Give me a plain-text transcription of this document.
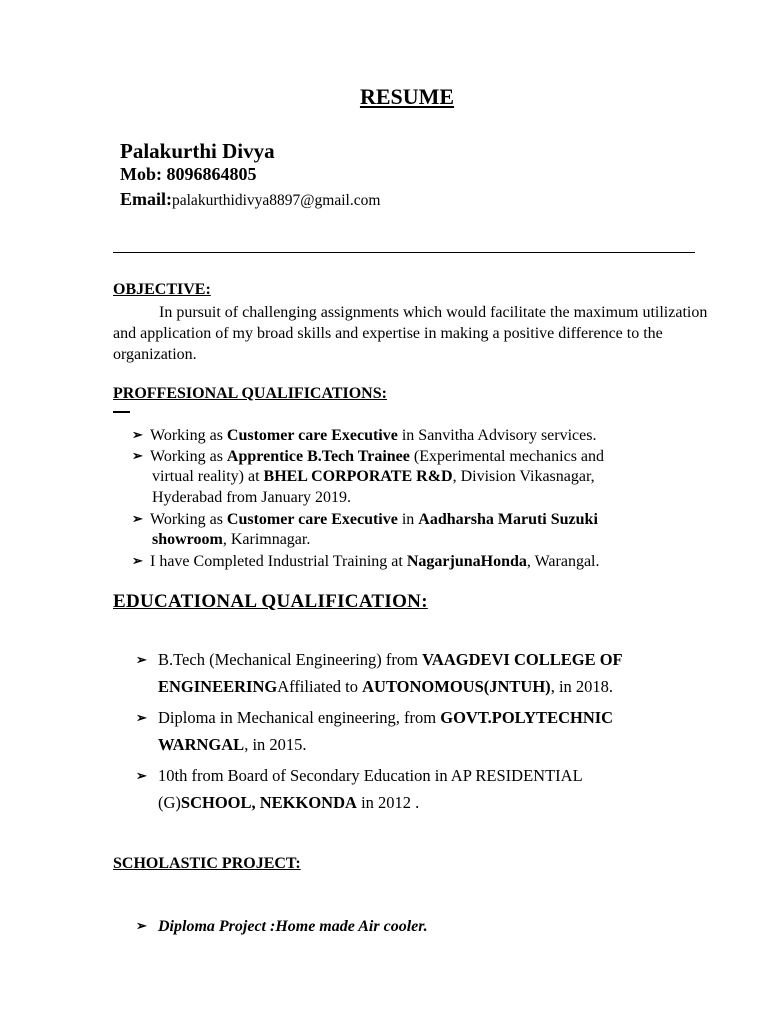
RESUME
Palakurthi Divya
Mob: 8096864805
Email:palakurthidivya8897@gmail.com
OBJECTIVE:
In pursuit of challenging assignments which would facilitate the maximum utilization and application of my broad skills and expertise in making a positive difference to the organization.
PROFFESIONAL QUALIFICATIONS:
➢ Working as Customer care Executive in Sanvitha Advisory services.
➢ Working as Apprentice B.Tech Trainee (Experimental mechanics and
virtual reality) at BHEL CORPORATE R&D, Division Vikasnagar,
Hyderabad from January 2019.
➢ Working as Customer care Executive in Aadharsha Maruti Suzuki
showroom, Karimnagar.
➢ I have Completed Industrial Training at NagarjunaHonda, Warangal.
EDUCATIONAL QUALIFICATION:
➢ B.Tech (Mechanical Engineering) from VAAGDEVI COLLEGE OF
ENGINEERINGAffiliated to AUTONOMOUS(JNTUH), in 2018.
➢ Diploma in Mechanical engineering, from GOVT.POLYTECHNIC
WARNGAL, in 2015.
➢ 10th from Board of Secondary Education in AP RESIDENTIAL
(G)SCHOOL, NEKKONDA in 2012 .
SCHOLASTIC PROJECT:
➢ Diploma Project :Home made Air cooler.
